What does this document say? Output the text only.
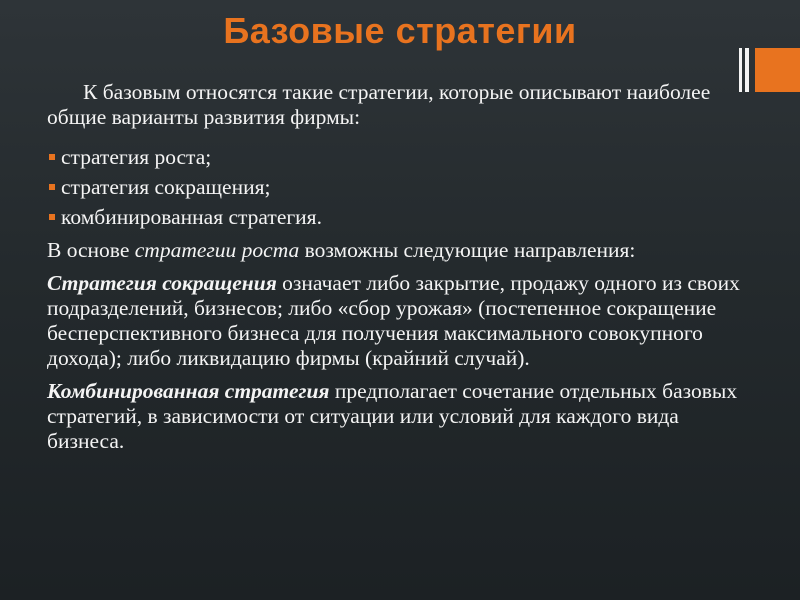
Базовые стратегии

К базовым относятся такие стратегии, которые описывают наиболее общие варианты развития фирмы:

стратегия роста;
стратегия сокращения;
комбинированная стратегия.

В основе стратегии роста возможны следующие направления:

Стратегия сокращения означает либо закрытие, продажу одного из своих подразделений, бизнесов; либо «сбор урожая» (постепенное сокращение бесперспективного бизнеса для получения максимального совокупного дохода); либо ликвидацию фирмы (крайний случай).

Комбинированная стратегия предполагает сочетание отдельных базовых стратегий, в зависимости от ситуации или условий для каждого вида бизнеса.
